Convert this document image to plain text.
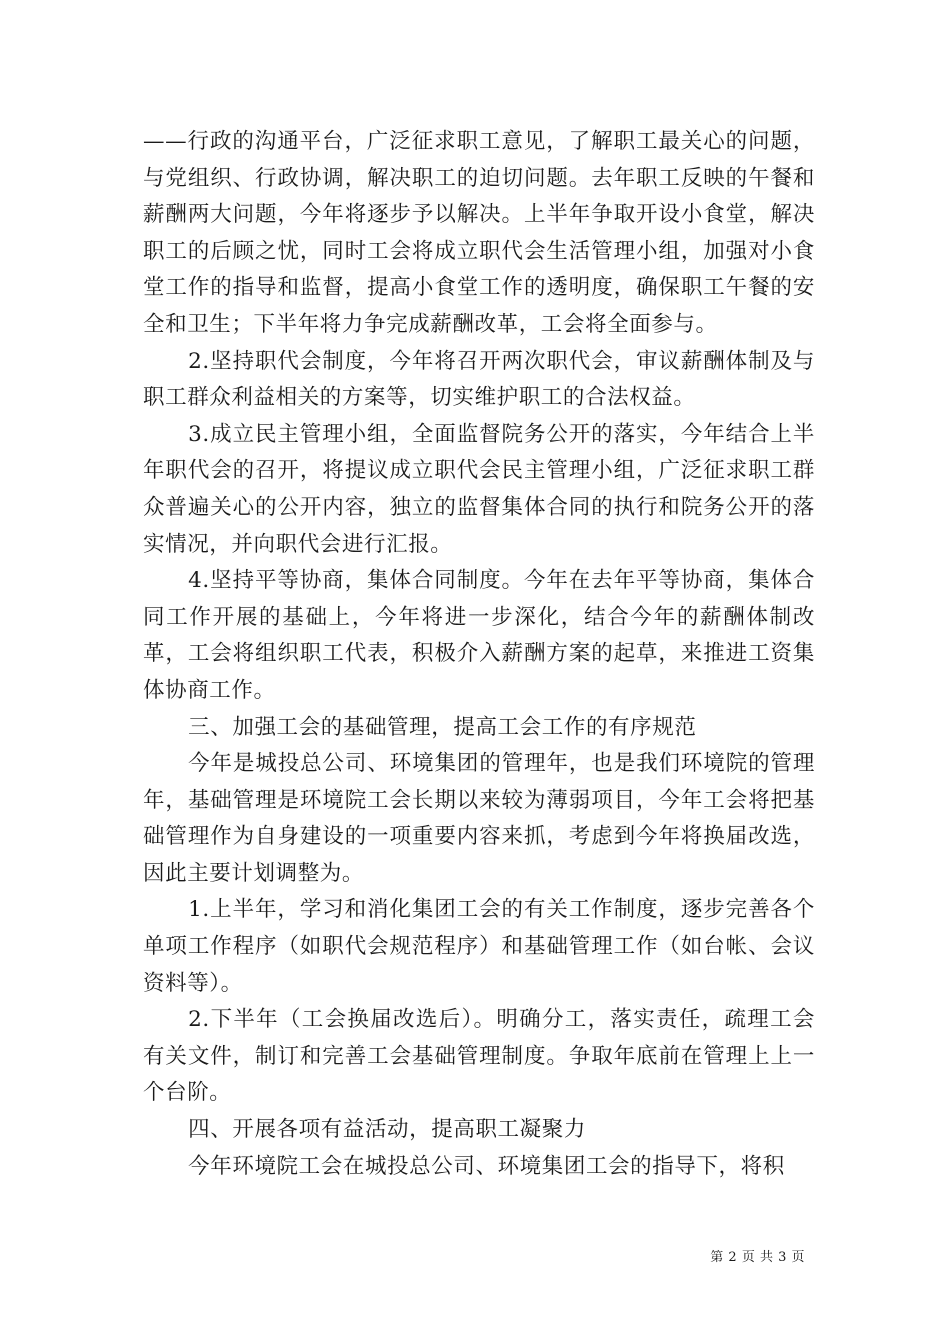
——行政的沟通平台，广泛征求职工意见，了解职工最关心的问题，与党组织、行政协调，解决职工的迫切问题。去年职工反映的午餐和薪酬两大问题，今年将逐步予以解决。上半年争取开设小食堂，解决职工的后顾之忧，同时工会将成立职代会生活管理小组，加强对小食堂工作的指导和监督，提高小食堂工作的透明度，确保职工午餐的安全和卫生；下半年将力争完成薪酬改革，工会将全面参与。

2.坚持职代会制度，今年将召开两次职代会，审议薪酬体制及与职工群众利益相关的方案等，切实维护职工的合法权益。

3.成立民主管理小组，全面监督院务公开的落实，今年结合上半年职代会的召开，将提议成立职代会民主管理小组，广泛征求职工群众普遍关心的公开内容，独立的监督集体合同的执行和院务公开的落实情况，并向职代会进行汇报。

4.坚持平等协商，集体合同制度。今年在去年平等协商，集体合同工作开展的基础上，今年将进一步深化，结合今年的薪酬体制改革，工会将组织职工代表，积极介入薪酬方案的起草，来推进工资集体协商工作。

三、加强工会的基础管理，提高工会工作的有序规范

今年是城投总公司、环境集团的管理年，也是我们环境院的管理年，基础管理是环境院工会长期以来较为薄弱项目，今年工会将把基础管理作为自身建设的一项重要内容来抓，考虑到今年将换届改选，因此主要计划调整为。

1.上半年，学习和消化集团工会的有关工作制度，逐步完善各个单项工作程序（如职代会规范程序）和基础管理工作（如台帐、会议资料等）。

2.下半年（工会换届改选后）。明确分工，落实责任，疏理工会有关文件，制订和完善工会基础管理制度。争取年底前在管理上上一个台阶。

四、开展各项有益活动，提高职工凝聚力

今年环境院工会在城投总公司、环境集团工会的指导下，将积

第 2 页 共 3 页
